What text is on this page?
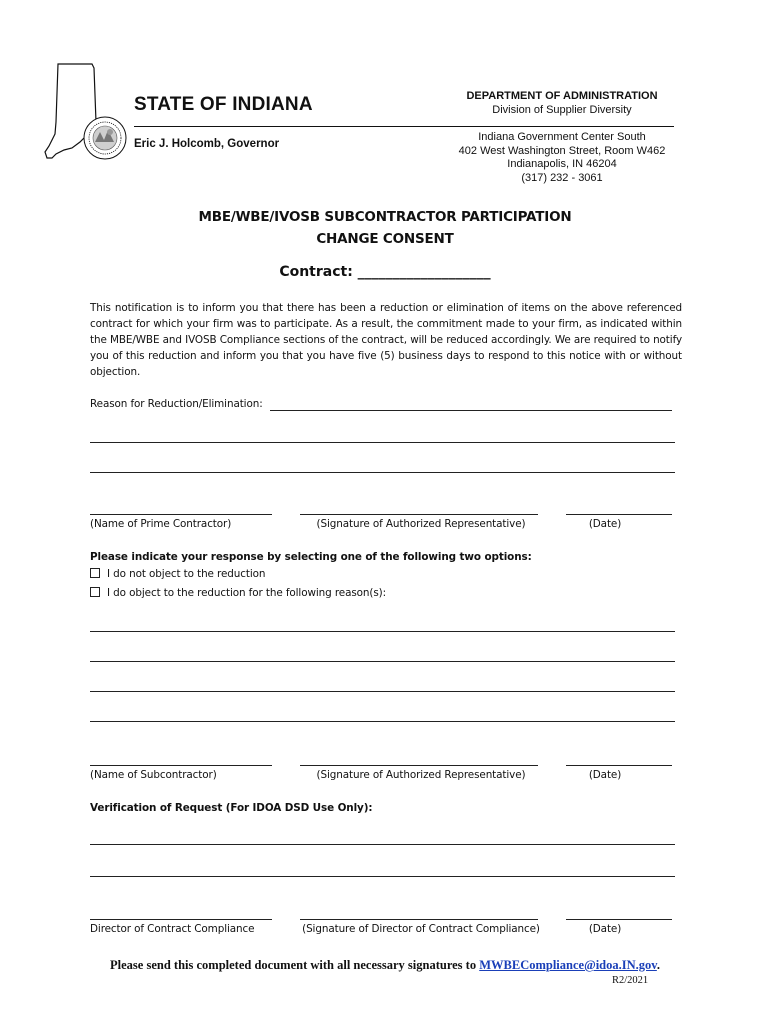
STATE OF INDIANA
Eric J. Holcomb, Governor
DEPARTMENT OF ADMINISTRATION
Division of Supplier Diversity
Indiana Government Center South
402 West Washington Street, Room W462
Indianapolis, IN 46204
(317) 232 - 3061
MBE/WBE/IVOSB SUBCONTRACTOR PARTICIPATION
CHANGE CONSENT
Contract: ___________________
This notification is to inform you that there has been a reduction or elimination of items on the above referenced contract for which your firm was to participate. As a result, the commitment made to your firm, as indicated within the MBE/WBE and IVOSB Compliance sections of the contract, will be reduced accordingly. We are required to notify you of this reduction and inform you that you have five (5) business days to respond to this notice with or without objection.
Reason for Reduction/Elimination:
(Name of Prime Contractor)	(Signature of Authorized Representative)	(Date)
Please indicate your response by selecting one of the following two options:
I do not object to the reduction
I do object to the reduction for the following reason(s):
(Name of Subcontractor)	(Signature of Authorized Representative)	(Date)
Verification of Request (For IDOA DSD Use Only):
Director of Contract Compliance	(Signature of Director of Contract Compliance)	(Date)
Please send this completed document with all necessary signatures to MWBECompliance@idoa.IN.gov.
R2/2021
